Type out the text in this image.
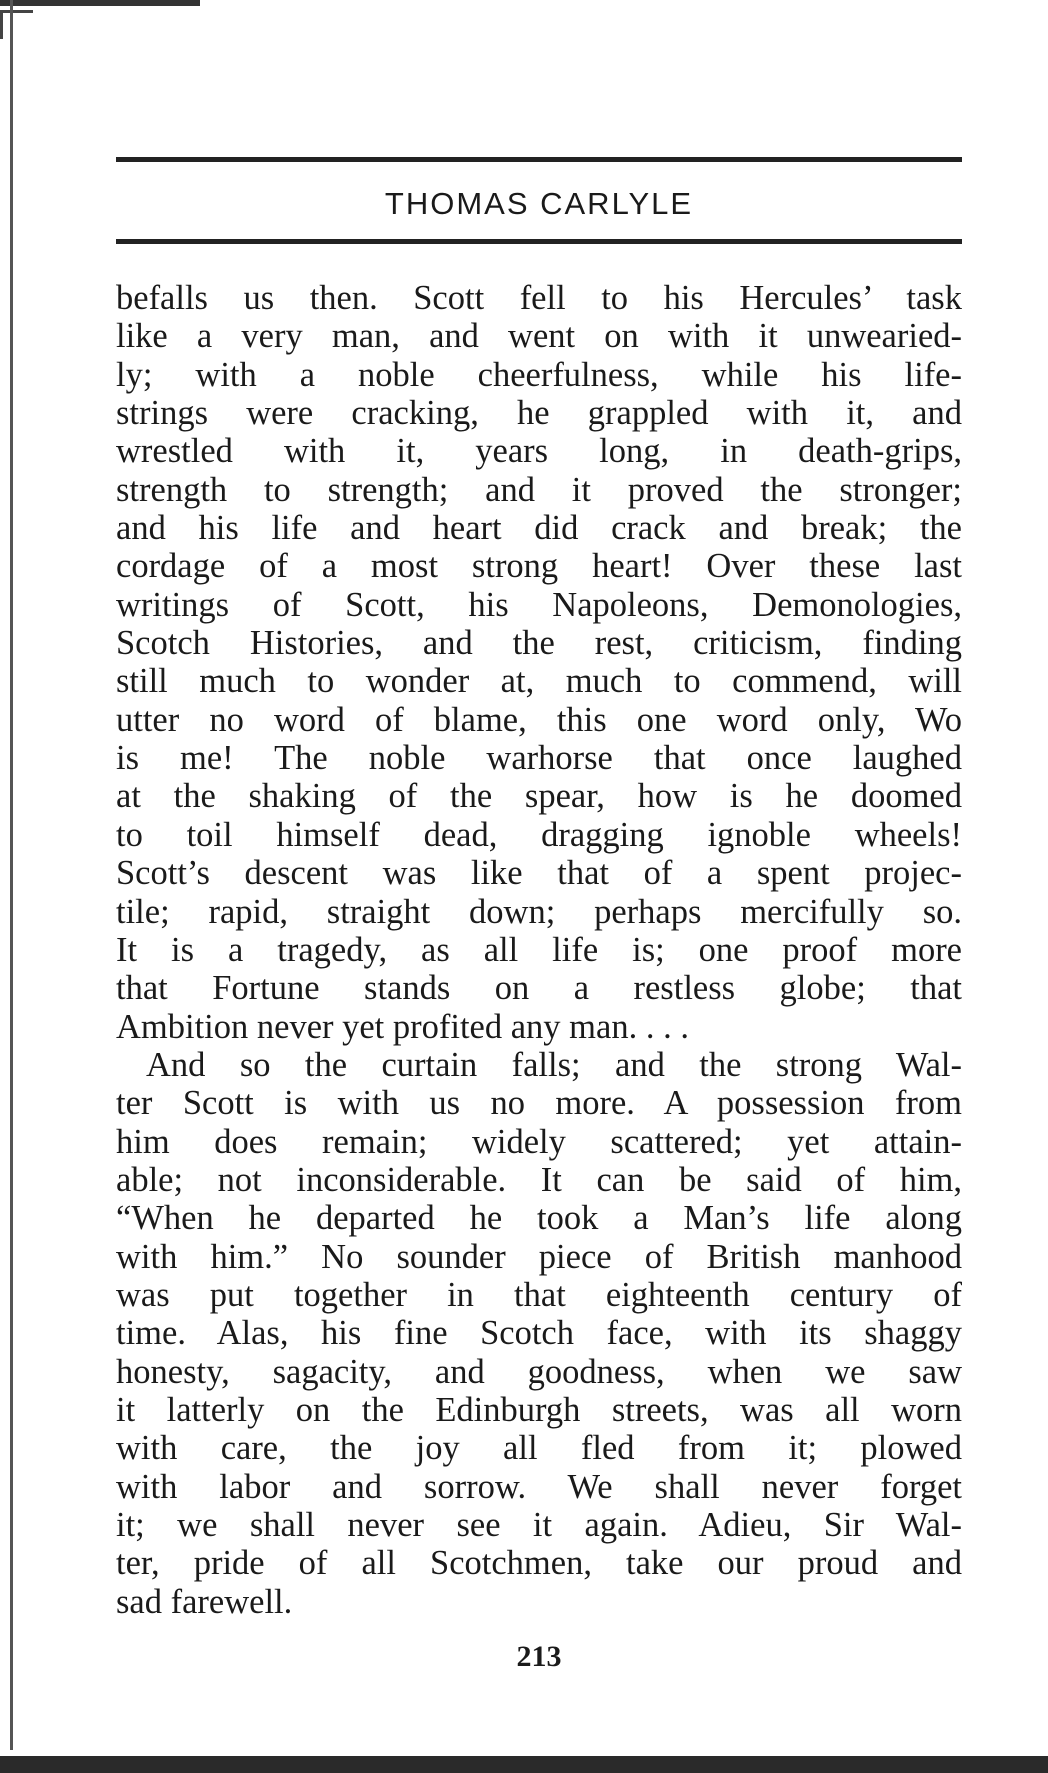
THOMAS CARLYLE
befalls us then. Scott fell to his Hercules’ task
like a very man, and went on with it unwearied-
ly; with a noble cheerfulness, while his life-
strings were cracking, he grappled with it, and
wrestled with it, years long, in death-grips,
strength to strength; and it proved the stronger;
and his life and heart did crack and break; the
cordage of a most strong heart! Over these last
writings of Scott, his Napoleons, Demonologies,
Scotch Histories, and the rest, criticism, finding
still much to wonder at, much to commend, will
utter no word of blame, this one word only, Wo
is me! The noble warhorse that once laughed
at the shaking of the spear, how is he doomed
to toil himself dead, dragging ignoble wheels!
Scott’s descent was like that of a spent projec-
tile; rapid, straight down; perhaps mercifully so.
It is a tragedy, as all life is; one proof more
that Fortune stands on a restless globe; that
Ambition never yet profited any man. . . .
And so the curtain falls; and the strong Wal-
ter Scott is with us no more. A possession from
him does remain; widely scattered; yet attain-
able; not inconsiderable. It can be said of him,
“When he departed he took a Man’s life along
with him.” No sounder piece of British manhood
was put together in that eighteenth century of
time. Alas, his fine Scotch face, with its shaggy
honesty, sagacity, and goodness, when we saw
it latterly on the Edinburgh streets, was all worn
with care, the joy all fled from it; plowed
with labor and sorrow. We shall never forget
it; we shall never see it again. Adieu, Sir Wal-
ter, pride of all Scotchmen, take our proud and
sad farewell.
213
